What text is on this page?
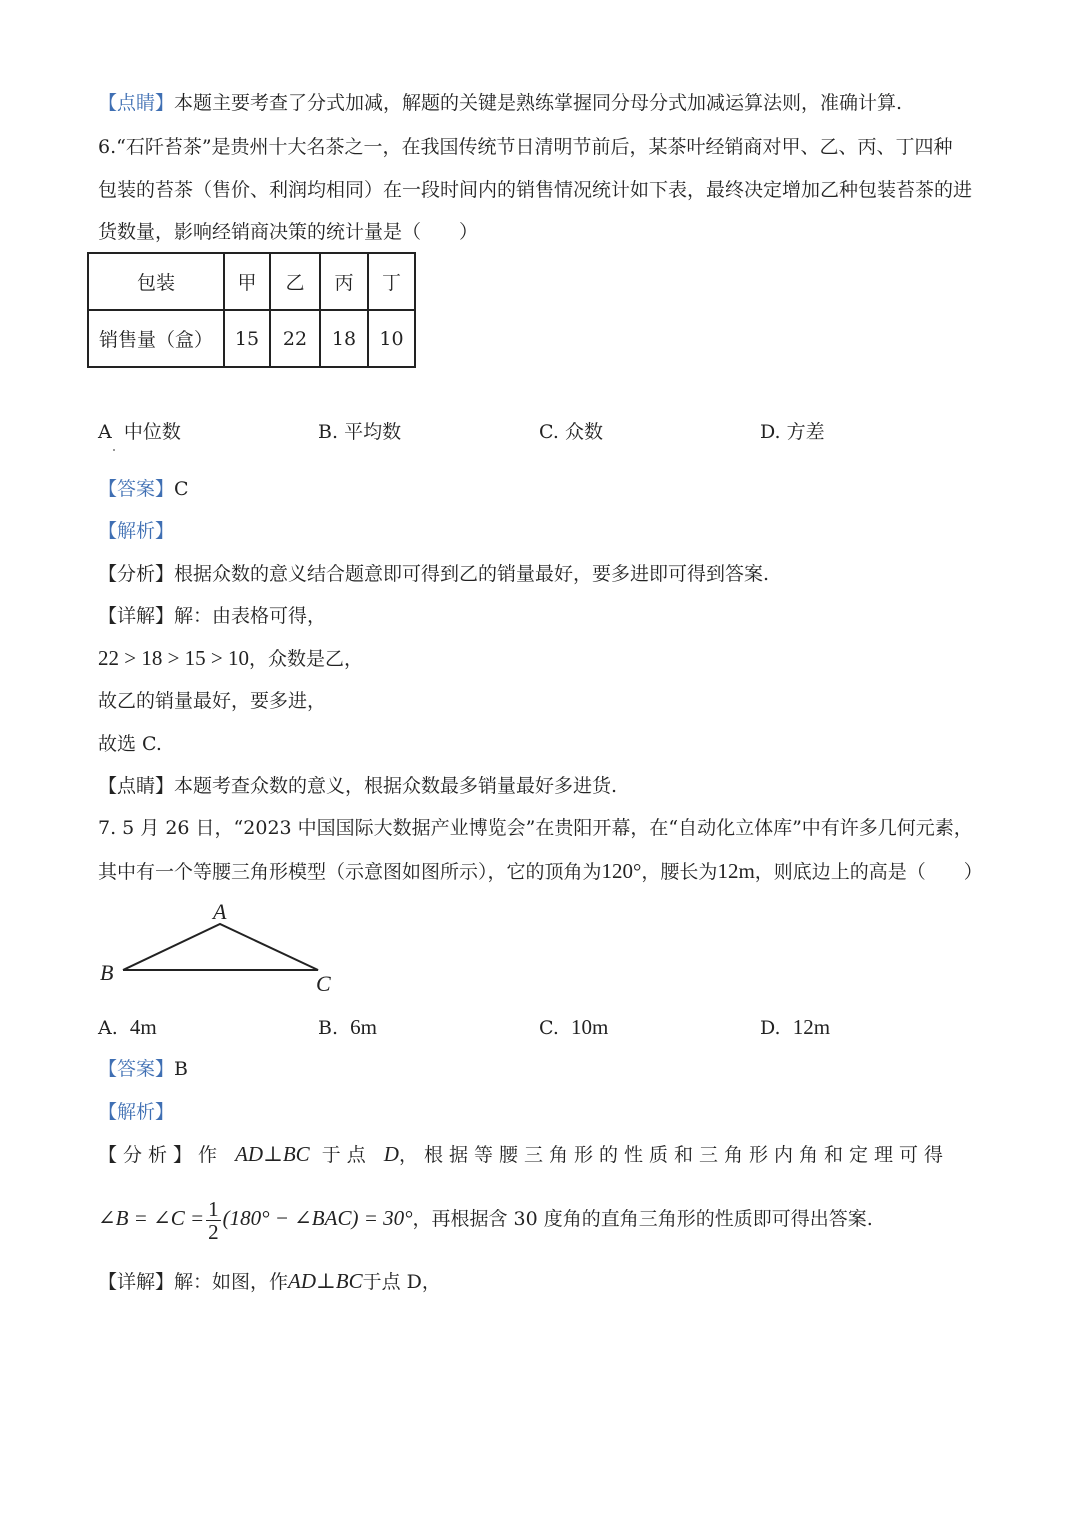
【点睛】本题主要考查了分式加减，解题的关键是熟练掌握同分母分式加减运算法则，准确计算.
6.“石阡苔茶”是贵州十大名茶之一，在我国传统节日清明节前后，某茶叶经销商对甲、乙、丙、丁四种
包装的苔茶（售价、利润均相同）在一段时间内的销售情况统计如下表，最终决定增加乙种包装苔茶的进
货数量，影响经销商决策的统计量是（　　）
包装	甲	乙	丙	丁
销售量（盒）	15	22	18	10
A 中位数	B. 平均数	C. 众数	D. 方差
【答案】C
【解析】
【分析】根据众数的意义结合题意即可得到乙的销量最好，要多进即可得到答案.
【详解】解：由表格可得，
22 > 18 > 15 > 10，众数是乙，
故乙的销量最好，要多进，
故选 C.
【点睛】本题考查众数的意义，根据众数最多销量最好多进货.
7. 5 月 26 日，“2023 中国国际大数据产业博览会”在贵阳开幕，在“自动化立体库”中有许多几何元素，
其中有一个等腰三角形模型（示意图如图所示），它的顶角为120°，腰长为12m，则底边上的高是（　　）
A
B	C
A. 4m	B. 6m	C. 10m	D. 12m
【答案】B
【解析】
【分析】作 AD⊥BC 于点 D，根据等腰三角形的性质和三角形内角和定理可得
∠B = ∠C = $\frac{1}{2} (180^\circ$ − ∠BAC) = 30°，再根据含 30 度角的直角三角形的性质即可得出答案.
【详解】解：如图，作AD⊥BC于点 D，
